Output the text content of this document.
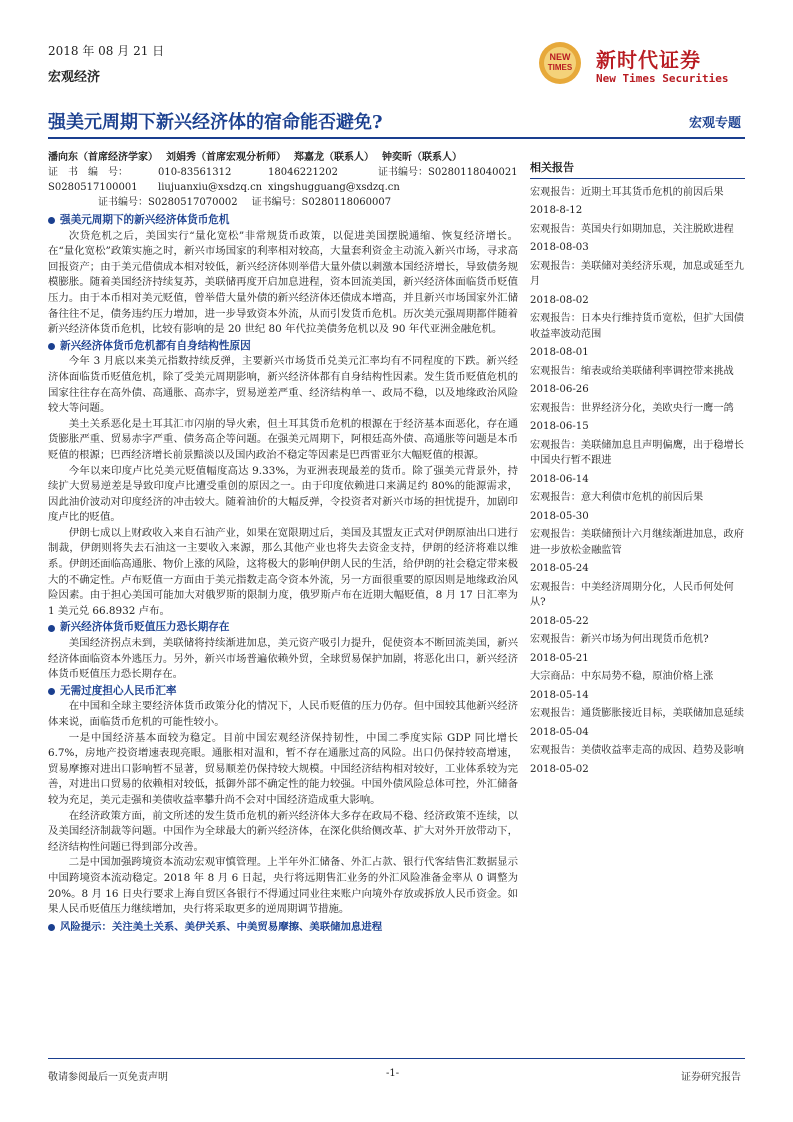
2018 年 08 月 21 日
宏观经济
NEW
TIMES 新时代证券
New Times Securities
强美元周期下新兴经济体的宿命能否避免?	宏观专题
潘向东（首席经济学家） 刘娟秀（首席宏观分析师） 郑嘉龙（联系人） 钟奕昕（联系人）
证　书　编　号：	010-83561312	18046221202	证书编号：S0280118040021
S0280517100001	liujuanxiu@xsdzq.cn xingshugguang@xsdzq.cn
证书编号：S0280517070002 证书编号：S0280118060007
强美元周期下的新兴经济体货币危机

次贷危机之后，美国实行“量化宽松”非常规货币政策，以促进美国摆脱通缩、恢复经济增长。在“量化宽松”政策实施之时，新兴市场国家的利率相对较高，大量套利资金主动流入新兴市场，寻求高回报资产；由于美元借债成本相对较低，新兴经济体则举借大量外债以刺激本国经济增长，导致债务规模膨胀。随着美国经济持续复苏，美联储再度开启加息进程，资本回流美国，新兴经济体面临货币贬值压力。由于本币相对美元贬值，曾举借大量外债的新兴经济体还债成本增高，并且新兴市场国家外汇储备往往不足，债务违约压力增加，进一步导致资本外流，从而引发货币危机。历次美元强周期都伴随着新兴经济体货币危机，比较有影响的是 20 世纪 80 年代拉美债务危机以及 90 年代亚洲金融危机。

新兴经济体货币危机都有自身结构性原因

今年 3 月底以来美元指数持续反弹，主要新兴市场货币兑美元汇率均有不同程度的下跌。新兴经济体面临货币贬值危机，除了受美元周期影响，新兴经济体都有自身结构性因素。发生货币贬值危机的国家往往存在高外债、高通胀、高赤字，贸易逆差严重、经济结构单一、政局不稳，以及地缘政治风险较大等问题。

美土关系恶化是土耳其汇市闪崩的导火索，但土耳其货币危机的根源在于经济基本面恶化，存在通货膨胀严重、贸易赤字严重、债务高企等问题。在强美元周期下，阿根廷高外债、高通胀等问题是本币贬值的根源；巴西经济增长前景黯淡以及国内政治不稳定等因素是巴西雷亚尔大幅贬值的根源。

今年以来印度卢比兑美元贬值幅度高达 9.33%，为亚洲表现最差的货币。除了强美元背景外，持续扩大贸易逆差是导致印度卢比遭受重创的原因之一。由于印度依赖进口来满足约 80%的能源需求，因此油价波动对印度经济的冲击较大。随着油价的大幅反弹，令投资者对新兴市场的担忧提升，加剧印度卢比的贬值。

伊朗七成以上财政收入来自石油产业，如果在宽限期过后，美国及其盟友正式对伊朗原油出口进行制裁，伊朗则将失去石油这一主要收入来源，那么其他产业也将失去资金支持，伊朗的经济将难以维系。伊朗还面临高通胀、物价上涨的风险，这将极大的影响伊朗人民的生活，给伊朗的社会稳定带来极大的不确定性。卢布贬值一方面由于美元指数走高令资本外流，另一方面很重要的原因则是地缘政治风险因素。由于担心美国可能加大对俄罗斯的限制力度，俄罗斯卢布在近期大幅贬值，8 月 17 日汇率为 1 美元兑 66.8932 卢布。

新兴经济体货币贬值压力恐长期存在

美国经济拐点未到，美联储将持续渐进加息，美元资产吸引力提升，促使资本不断回流美国，新兴经济体面临资本外逃压力。另外，新兴市场普遍依赖外贸，全球贸易保护加剧，将恶化出口，新兴经济体货币贬值压力恐长期存在。

无需过度担心人民币汇率

在中国和全球主要经济体货币政策分化的情况下，人民币贬值的压力仍存。但中国较其他新兴经济体来说，面临货币危机的可能性较小。

一是中国经济基本面较为稳定。目前中国宏观经济保持韧性，中国二季度实际 GDP 同比增长 6.7%，房地产投资增速表现亮眼。通胀相对温和，暂不存在通胀过高的风险。出口仍保持较高增速，贸易摩擦对进出口影响暂不显著，贸易顺差仍保持较大规模。中国经济结构相对较好，工业体系较为完善，对进出口贸易的依赖相对较低，抵御外部不确定性的能力较强。中国外债风险总体可控，外汇储备较为充足，美元走强和美债收益率攀升尚不会对中国经济造成重大影响。

在经济政策方面，前文所述的发生货币危机的新兴经济体大多存在政局不稳、经济政策不连续，以及美国经济制裁等问题。中国作为全球最大的新兴经济体，在深化供给侧改革、扩大对外开放带动下，经济结构性问题已得到部分改善。

二是中国加强跨境资本流动宏观审慎管理。上半年外汇储备、外汇占款、银行代客结售汇数据显示中国跨境资本流动稳定。2018 年 8 月 6 日起，央行将远期售汇业务的外汇风险准备金率从 0 调整为 20%。8 月 16 日央行要求上海自贸区各银行不得通过同业往来账户向境外存放或拆放人民币资金。如果人民币贬值压力继续增加，央行将采取更多的逆周期调节措施。

风险提示：关注美土关系、美伊关系、中美贸易摩擦、美联储加息进程
相关报告
宏观报告：近期土耳其货币危机的前因后果
2018-8-12
宏观报告：英国央行如期加息，关注脱欧进程
2018-08-03
宏观报告：美联储对美经济乐观，加息或延至九月
2018-08-02
宏观报告：日本央行维持货币宽松，但扩大国债收益率波动范围
2018-08-01
宏观报告：缩表或给美联储利率调控带来挑战
2018-06-26
宏观报告：世界经济分化，美欧央行一鹰一鸽
2018-06-15
宏观报告：美联储加息且声明偏鹰，出于稳增长中国央行暂不跟进
2018-06-14
宏观报告：意大利债市危机的前因后果
2018-05-30
宏观报告：美联储预计六月继续渐进加息，政府进一步放松金融监管
2018-05-24
宏观报告：中美经济周期分化，人民币何处何从?
2018-05-22
宏观报告：新兴市场为何出现货币危机?
2018-05-21
大宗商品：中东局势不稳，原油价格上涨
2018-05-14
宏观报告：通货膨胀接近目标，美联储加息延续
2018-05-04
宏观报告：美债收益率走高的成因、趋势及影响
2018-05-02
敬请参阅最后一页免责声明	-1-	证券研究报告
